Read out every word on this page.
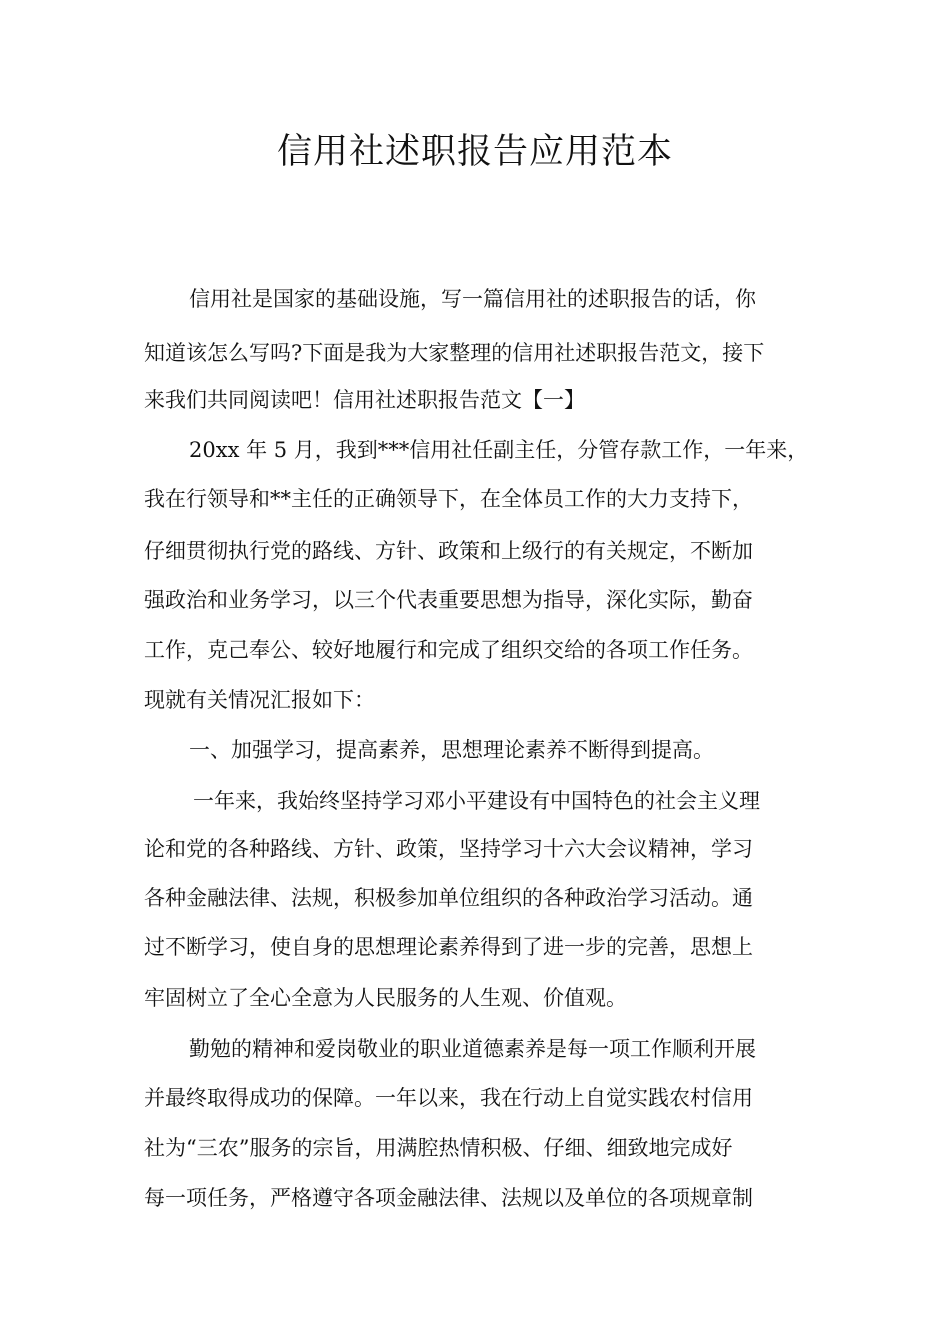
信用社述职报告应用范本

信用社是国家的基础设施，写一篇信用社的述职报告的话，你

知道该怎么写吗?下面是我为大家整理的信用社述职报告范文，接下

来我们共同阅读吧！信用社述职报告范文【一】

20xx 年 5 月，我到***信用社任副主任，分管存款工作，一年来，

我在行领导和**主任的正确领导下，在全体员工作的大力支持下，

仔细贯彻执行党的路线、方针、政策和上级行的有关规定，不断加

强政治和业务学习，以三个代表重要思想为指导，深化实际，勤奋

工作，克己奉公、较好地履行和完成了组织交给的各项工作任务。

现就有关情况汇报如下：

一、加强学习，提高素养，思想理论素养不断得到提高。

一年来，我始终坚持学习邓小平建设有中国特色的社会主义理

论和党的各种路线、方针、政策，坚持学习十六大会议精神，学习

各种金融法律、法规，积极参加单位组织的各种政治学习活动。通

过不断学习，使自身的思想理论素养得到了进一步的完善，思想上

牢固树立了全心全意为人民服务的人生观、价值观。

勤勉的精神和爱岗敬业的职业道德素养是每一项工作顺利开展

并最终取得成功的保障。一年以来，我在行动上自觉实践农村信用

社为“三农”服务的宗旨，用满腔热情积极、仔细、细致地完成好

每一项任务，严格遵守各项金融法律、法规以及单位的各项规章制
